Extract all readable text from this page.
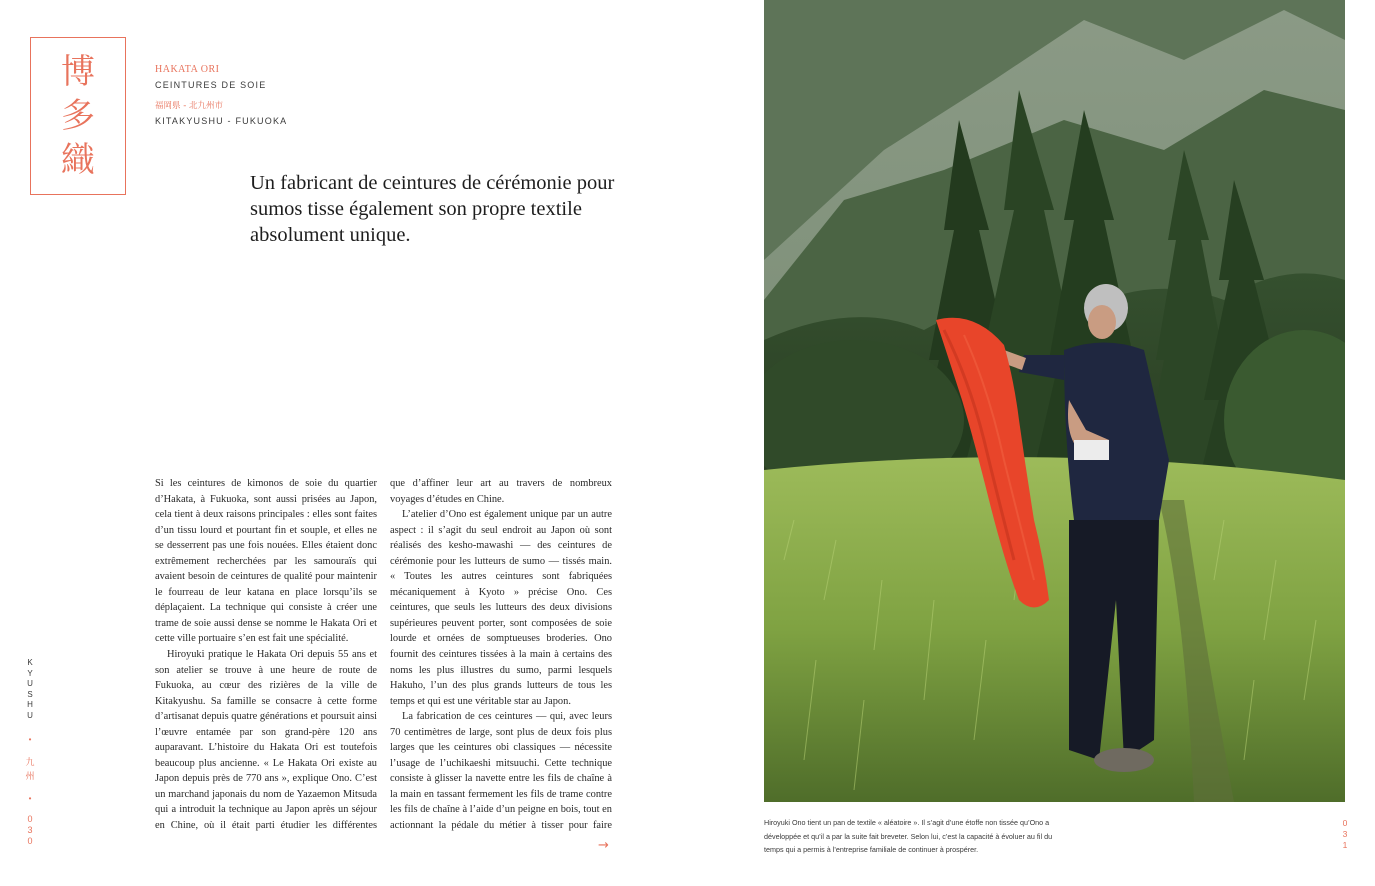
博
多
織
HAKATA ORI
CEINTURES DE SOIE
福岡県 - 北九州市
KITAKYUSHU - FUKUOKA
Un fabricant de ceintures de cérémonie pour sumos tisse également son propre textile absolument unique.

Si les ceintures de kimonos de soie du quartier d’Hakata, à Fukuoka, sont aussi prisées au Japon, cela tient à deux raisons principales : elles sont faites d’un tissu lourd et pourtant fin et souple, et elles ne se desserrent pas une fois nouées. Elles étaient donc extrêmement recherchées par les samouraïs qui avaient besoin de ceintures de qualité pour maintenir le fourreau de leur katana en place lorsqu’ils se déplaçaient. La technique qui consiste à créer une trame de soie aussi dense se nomme le Hakata Ori et cette ville portuaire s’en est fait une spécialité.

Hiroyuki pratique le Hakata Ori depuis 55 ans et son atelier se trouve à une heure de route de Fukuoka, au cœur des rizières de la ville de Kitakyushu. Sa famille se consacre à cette forme d’artisanat depuis quatre générations et poursuit ainsi l’œuvre entamée par son grand-père 120 ans auparavant. L’histoire du Hakata Ori est toutefois beaucoup plus ancienne. « Le Hakata Ori existe au Japon depuis près de 770 ans », explique Ono. C’est un marchand japonais du nom de Yazaemon Mitsuda qui a introduit la technique au Japon après un séjour en Chine, où il était parti étudier les différentes

que d’affiner leur art au travers de nombreux voyages d’études en Chine.

L’atelier d’Ono est également unique par un autre aspect : il s’agit du seul endroit au Japon où sont réalisés des kesho-mawashi — des ceintures de cérémonie pour les lutteurs de sumo — tissés main. « Toutes les autres ceintures sont fabriquées mécaniquement à Kyoto » précise Ono. Ces ceintures, que seuls les lutteurs des deux divisions supérieures peuvent porter, sont composées de soie lourde et ornées de somptueuses broderies. Ono fournit des ceintures tissées à la main à certains des noms les plus illustres du sumo, parmi lesquels Hakuho, l’un des plus grands lutteurs de tous les temps et qui est une véritable star au Japon.

La fabrication de ces ceintures — qui, avec leurs 70 centimètres de large, sont plus de deux fois plus larges que les ceintures obi classiques — nécessite l’usage de l’uchikaeshi mitsuuchi. Cette technique consiste à glisser la navette entre les fils de chaîne à la main en tassant fermement les fils de trame contre les fils de chaîne à l’aide d’un peigne en bois, tout en actionnant la pédale du métier à tisser pour faire

K
Y
U
S
H
U
•
九
州
•
0
3
0	→
Hiroyuki Ono tient un pan de textile « aléatoire ». Il s’agit d’une étoffe non tissée qu’Ono a développée et qu’il a par la suite fait breveter. Selon lui, c’est la capacité à évoluer au fil du temps qui a permis à l’entreprise familiale de continuer à prospérer.
0
3
1
